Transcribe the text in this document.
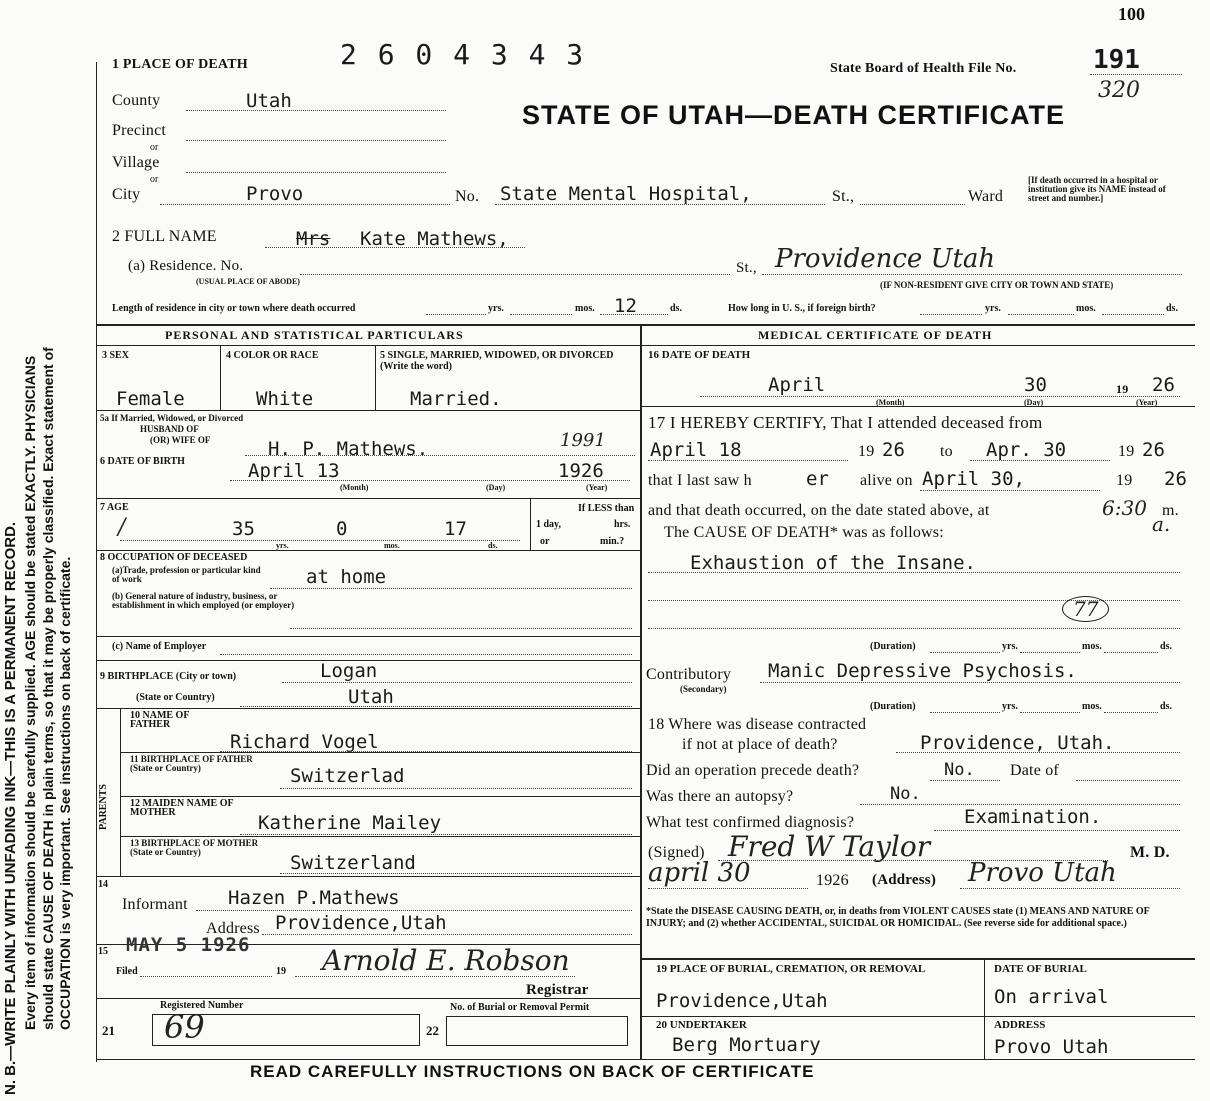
N. B.—WRITE PLAINLY WITH UNFADING INK—THIS IS A PERMANENT RECORD. Every item of information should be carefully supplied. AGE should be stated EXACTLY. PHYSICIANS should state CAUSE OF DEATH in plain terms, so that it may be properly classified. Exact statement of OCCUPATION is very important. See instructions on back of certificate.
100
1 PLACE OF DEATH	2 6 0 4 3 4 3	State Board of Health File No.	191
320
STATE OF UTAH—DEATH CERTIFICATE
County	Utah
Precinct
or
Village
or
City	Provo	No. State Mental Hospital,	St.,	Ward
[If death occurred in a hospital or institution give its NAME instead of street and number.]
2 FULL NAME	Mrs Kate Mathews,
(a) Residence. No.
(USUAL PLACE OF ABODE)
St., Providence Utah
(IF NON-RESIDENT GIVE CITY OR TOWN AND STATE)
Length of residence in city or town where death occurred	yrs.	mos. 12	ds.	How long in U. S., if foreign birth?	yrs.	mos.	ds.
PERSONAL AND STATISTICAL PARTICULARS
3 SEX
Female
4 COLOR OR RACE
White
5 SINGLE, MARRIED, WIDOWED, OR DIVORCED (Write the word)
Married.
5a If Married, Widowed, or Divorced
HUSBAND OF
(OR) WIFE OF	H. P. Mathews.	1991
6 DATE OF BIRTH	April 13	1926
(Month)	(Day)	(Year)
7 AGE
/	35	0	17
yrs.	mos.	ds.
If LESS than
1 day,	hrs.
or	min.?
8 OCCUPATION OF DECEASED
(a)Trade, profession or particular kind of work	at home
(b) General nature of industry, business, or establishment in which employed (or employer)
(c) Name of Employer
9 BIRTHPLACE (City or town)	Logan
(State or Country)	Utah
PARENTS
10 NAME OF FATHER
Richard Vogel
11 BIRTHPLACE OF FATHER (State or Country)	Switzerlad
12 MAIDEN NAME OF MOTHER	Katherine Mailey
13 BIRTHPLACE OF MOTHER (State or Country)	Switzerland
14
Informant Hazen P.Mathews
Address Providence,Utah
15 MAY 5 1926
Filed	19 Arnold E. Robson
Registrar
Registered Number
21 69
No. of Burial or Removal Permit
22
MEDICAL CERTIFICATE OF DEATH
16 DATE OF DEATH
April	30	19 26
(Month)	(Day)	(Year)
17 I HEREBY CERTIFY, That I attended deceased from
April 18	19 26 to Apr. 30	19 26
that I last saw h	er alive on April 30,	19 26
and that death occurred, on the date stated above, at	6:30 m.
a.
The CAUSE OF DEATH* was as follows:
Exhaustion of the Insane.
77
(Duration)	yrs.	mos.	ds.
Contributory
(Secondary)
Manic Depressive Psychosis.
(Duration)	yrs.	mos.	ds.
18 Where was disease contracted
if not at place of death?	Providence, Utah.
Did an operation precede death?	No. Date of
Was there an autopsy?	No.
What test confirmed diagnosis?	Examination.
(Signed) Fred W Taylor	M. D.
april 30	1926 (Address) Provo Utah
*State the DISEASE CAUSING DEATH, or, in deaths from VIOLENT CAUSES state (1) MEANS AND NATURE OF INJURY; and (2) whether ACCIDENTAL, SUICIDAL OR HOMICIDAL. (See reverse side for additional space.)
19 PLACE OF BURIAL, CREMATION, OR REMOVAL
Providence,Utah
DATE OF BURIAL
On arrival
20 UNDERTAKER
Berg Mortuary
ADDRESS
Provo Utah
READ CAREFULLY INSTRUCTIONS ON BACK OF CERTIFICATE
